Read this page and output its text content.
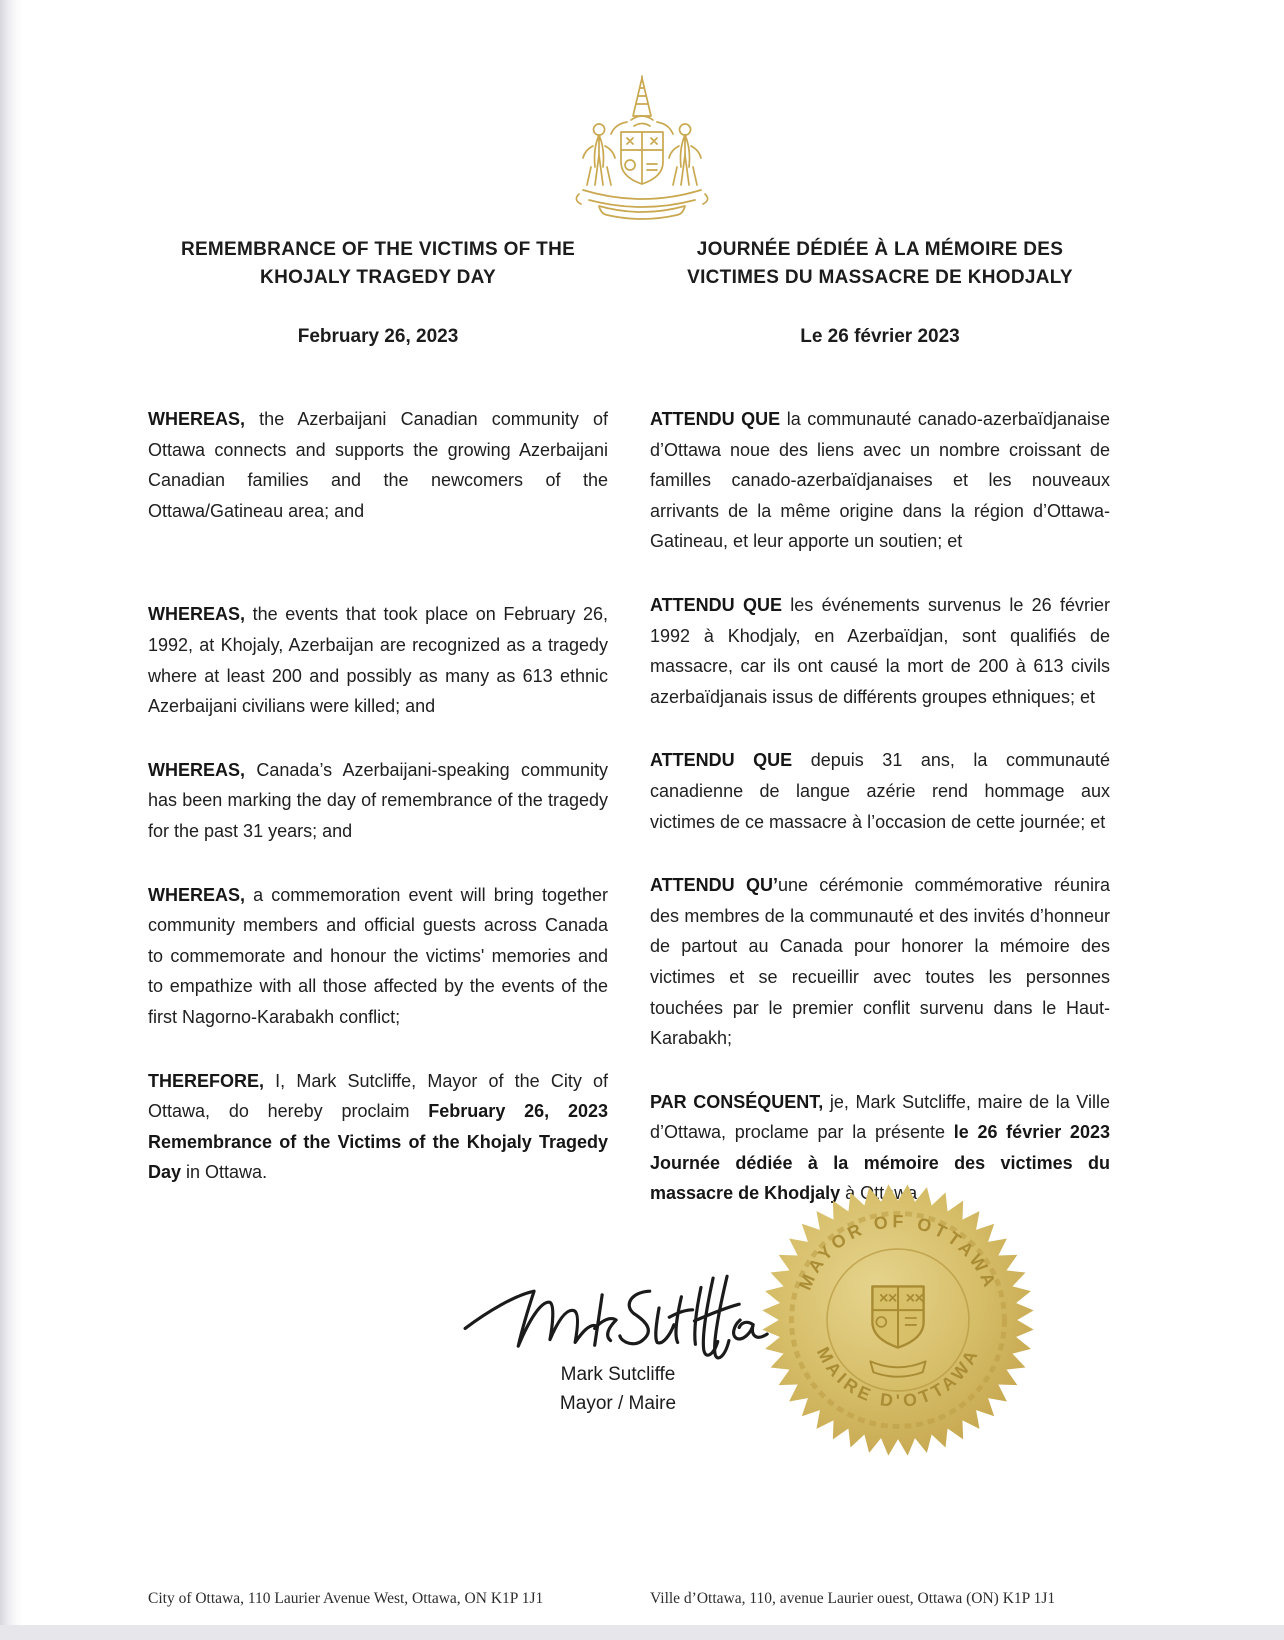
REMEMBRANCE OF THE VICTIMS OF THE
KHOJALY TRAGEDY DAY
February 26, 2023

WHEREAS, the Azerbaijani Canadian community of Ottawa connects and supports the growing Azerbaijani Canadian families and the newcomers of the Ottawa/Gatineau area; and

WHEREAS, the events that took place on February 26, 1992, at Khojaly, Azerbaijan are recognized as a tragedy where at least 200 and possibly as many as 613 ethnic Azerbaijani civilians were killed; and

WHEREAS, Canada’s Azerbaijani-speaking community has been marking the day of remembrance of the tragedy for the past 31 years; and

WHEREAS, a commemoration event will bring together community members and official guests across Canada to commemorate and honour the victims' memories and to empathize with all those affected by the events of the first Nagorno-Karabakh conflict;

THEREFORE, I, Mark Sutcliffe, Mayor of the City of Ottawa, do hereby proclaim February 26, 2023 Remembrance of the Victims of the Khojaly Tragedy Day in Ottawa.

JOURNÉE DÉDIÉE À LA MÉMOIRE DES
VICTIMES DU MASSACRE DE KHODJALY
Le 26 février 2023

ATTENDU QUE la communauté canado-azerbaïdjanaise d’Ottawa noue des liens avec un nombre croissant de familles canado-azerbaïdjanaises et les nouveaux arrivants de la même origine dans la région d’Ottawa-Gatineau, et leur apporte un soutien; et

ATTENDU QUE les événements survenus le 26 février 1992 à Khodjaly, en Azerbaïdjan, sont qualifiés de massacre, car ils ont causé la mort de 200 à 613 civils azerbaïdjanais issus de différents groupes ethniques; et

ATTENDU QUE depuis 31 ans, la communauté canadienne de langue azérie rend hommage aux victimes de ce massacre à l’occasion de cette journée; et

ATTENDU QU’une cérémonie commémorative réunira des membres de la communauté et des invités d’honneur de partout au Canada pour honorer la mémoire des victimes et se recueillir avec toutes les personnes touchées par le premier conflit survenu dans le Haut-Karabakh;

PAR CONSÉQUENT, je, Mark Sutcliffe, maire de la Ville d’Ottawa, proclame par la présente le 26 février 2023 Journée dédiée à la mémoire des victimes du massacre de Khodjaly à Ottawa.

Mark Sutcliffe
Mayor / Maire
MAYOR OF OTTAWA
MAIRE D'OTTAWA
City of Ottawa, 110 Laurier Avenue West, Ottawa, ON K1P 1J1	Ville d’Ottawa, 110, avenue Laurier ouest, Ottawa (ON) K1P 1J1
